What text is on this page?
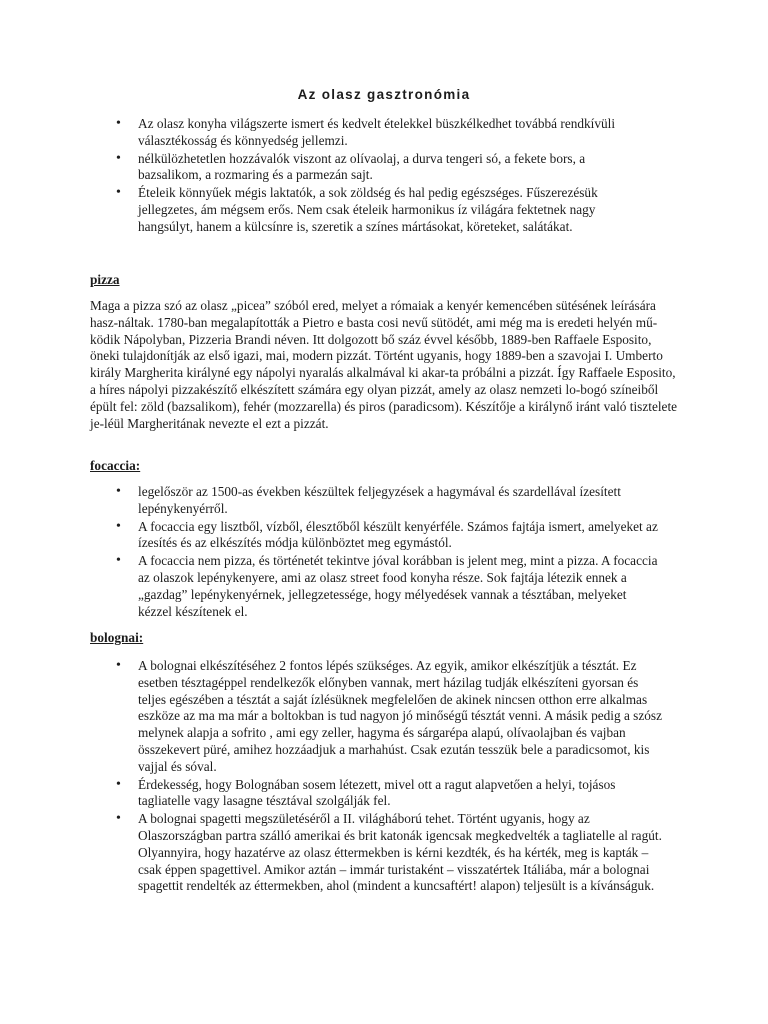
Az olasz gasztronómia
• Az olasz konyha világszerte ismert és kedvelt ételekkel büszkélkedhet továbbá rendkívüli választékosság és könnyedség jellemzi.
• nélkülözhetetlen hozzávalók viszont az olívaolaj, a durva tengeri só, a fekete bors, a bazsalikom, a rozmaring és a parmezán sajt.
• Ételeik könnyűek mégis laktatók, a sok zöldség és hal pedig egészséges. Fűszerezésük jellegzetes, ám mégsem erős. Nem csak ételeik harmonikus íz világára fektetnek nagy hangsúlyt, hanem a külcsínre is, szeretik a színes mártásokat, köreteket, salátákat.
pizza

Maga a pizza szó az olasz „picea” szóból ered, melyet a rómaiak a kenyér kemencében sütésének leírására hasz-náltak. 1780-ban megalapították a Pietro e basta cosi nevű sütödét, ami még ma is eredeti helyén mű-ködik Nápolyban, Pizzeria Brandi néven. Itt dolgozott bő száz évvel később, 1889-ben Raffaele Esposito, öneki tulajdonítják az első igazi, mai, modern pizzát. Történt ugyanis, hogy 1889-ben a szavojai I. Umberto király Margherita királyné egy nápolyi nyaralás alkalmával ki akar-ta próbálni a pizzát. Így Raffaele Esposito, a híres nápolyi pizzakészítő elkészített számára egy olyan pizzát, amely az olasz nemzeti lo-bogó színeiből épült fel: zöld (bazsalikom), fehér (mozzarella) és piros (paradicsom). Készítője a királynő iránt való tisztelete je-léül Margheritának nevezte el ezt a pizzát.

focaccia:
• legelőször az 1500-as években készültek feljegyzések a hagymával és szardellával ízesített lepénykenyérről.
• A focaccia egy lisztből, vízből, élesztőből készült kenyérféle. Számos fajtája ismert, amelyeket az ízesítés és az elkészítés módja különböztet meg egymástól.
• A focaccia nem pizza, és történetét tekintve jóval korábban is jelent meg, mint a pizza. A focaccia az olaszok lepénykenyere, ami az olasz street food konyha része. Sok fajtája létezik ennek a „gazdag” lepénykenyérnek, jellegzetessége, hogy mélyedések vannak a tésztában, melyeket kézzel készítenek el.
bolognai:
• A bolognai elkészítéséhez 2 fontos lépés szükséges. Az egyik, amikor elkészítjük a tésztát. Ez esetben tésztagéppel rendelkezők előnyben vannak, mert házilag tudják elkészíteni gyorsan és teljes egészében a tésztát a saját ízlésüknek megfelelően de akinek nincsen otthon erre alkalmas eszköze az ma ma már a boltokban is tud nagyon jó minőségű tésztát venni. A másik pedig a szósz melynek alapja a sofrito , ami egy zeller, hagyma és sárgarépa alapú, olívaolajban és vajban összekevert püré, amihez hozzáadjuk a marhahúst. Csak ezután tesszük bele a paradicsomot, kis vajjal és sóval.
• Érdekesség, hogy Bolognában sosem létezett, mivel ott a ragut alapvetően a helyi, tojásos tagliatelle vagy lasagne tésztával szolgálják fel.
• A bolognai spagetti megszületéséről a II. világháború tehet. Történt ugyanis, hogy az Olaszországban partra szálló amerikai és brit katonák igencsak megkedvelték a tagliatelle al ragút. Olyannyira, hogy hazatérve az olasz éttermekben is kérni kezdték, és ha kérték, meg is kapták – csak éppen spagettivel. Amikor aztán – immár turistaként – visszatértek Itáliába, már a bolognai spagettit rendelték az éttermekben, ahol (mindent a kuncsaftért! alapon) teljesült is a kívánságuk.
